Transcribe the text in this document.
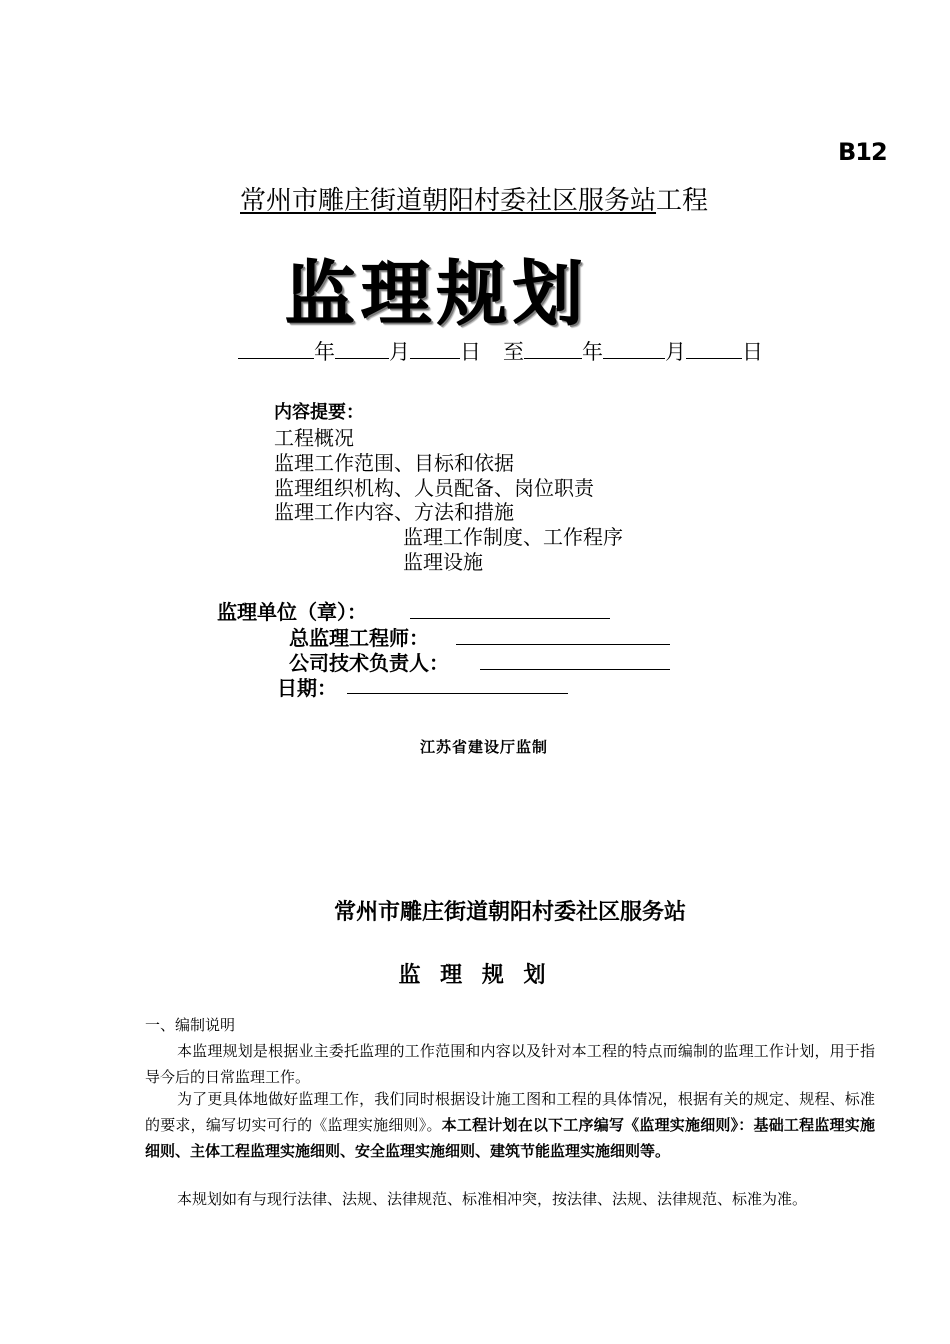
B12
常州市雕庄街道朝阳村委社区服务站工程
监理规划
年	月 日 至	年	月	日
内容提要：
工程概况
监理工作范围、目标和依据
监理组织机构、人员配备、岗位职责
监理工作内容、方法和措施
监理工作制度、工作程序
监理设施
监理单位（章）：
总监理工程师：
公司技术负责人：
日期：
江苏省建设厅监制
常州市雕庄街道朝阳村委社区服务站
监 理 规 划
一、编制说明
本监理规划是根据业主委托监理的工作范围和内容以及针对本工程的特点而编制的监理工作计划，用于指导今后的日常监理工作。
为了更具体地做好监理工作，我们同时根据设计施工图和工程的具体情况，根据有关的规定、规程、标准的要求，编写切实可行的《监理实施细则》。本工程计划在以下工序编写《监理实施细则》：基础工程监理实施细则、主体工程监理实施细则、安全监理实施细则、建筑节能监理实施细则等。
本规划如有与现行法律、法规、法律规范、标准相冲突，按法律、法规、法律规范、标准为准。
